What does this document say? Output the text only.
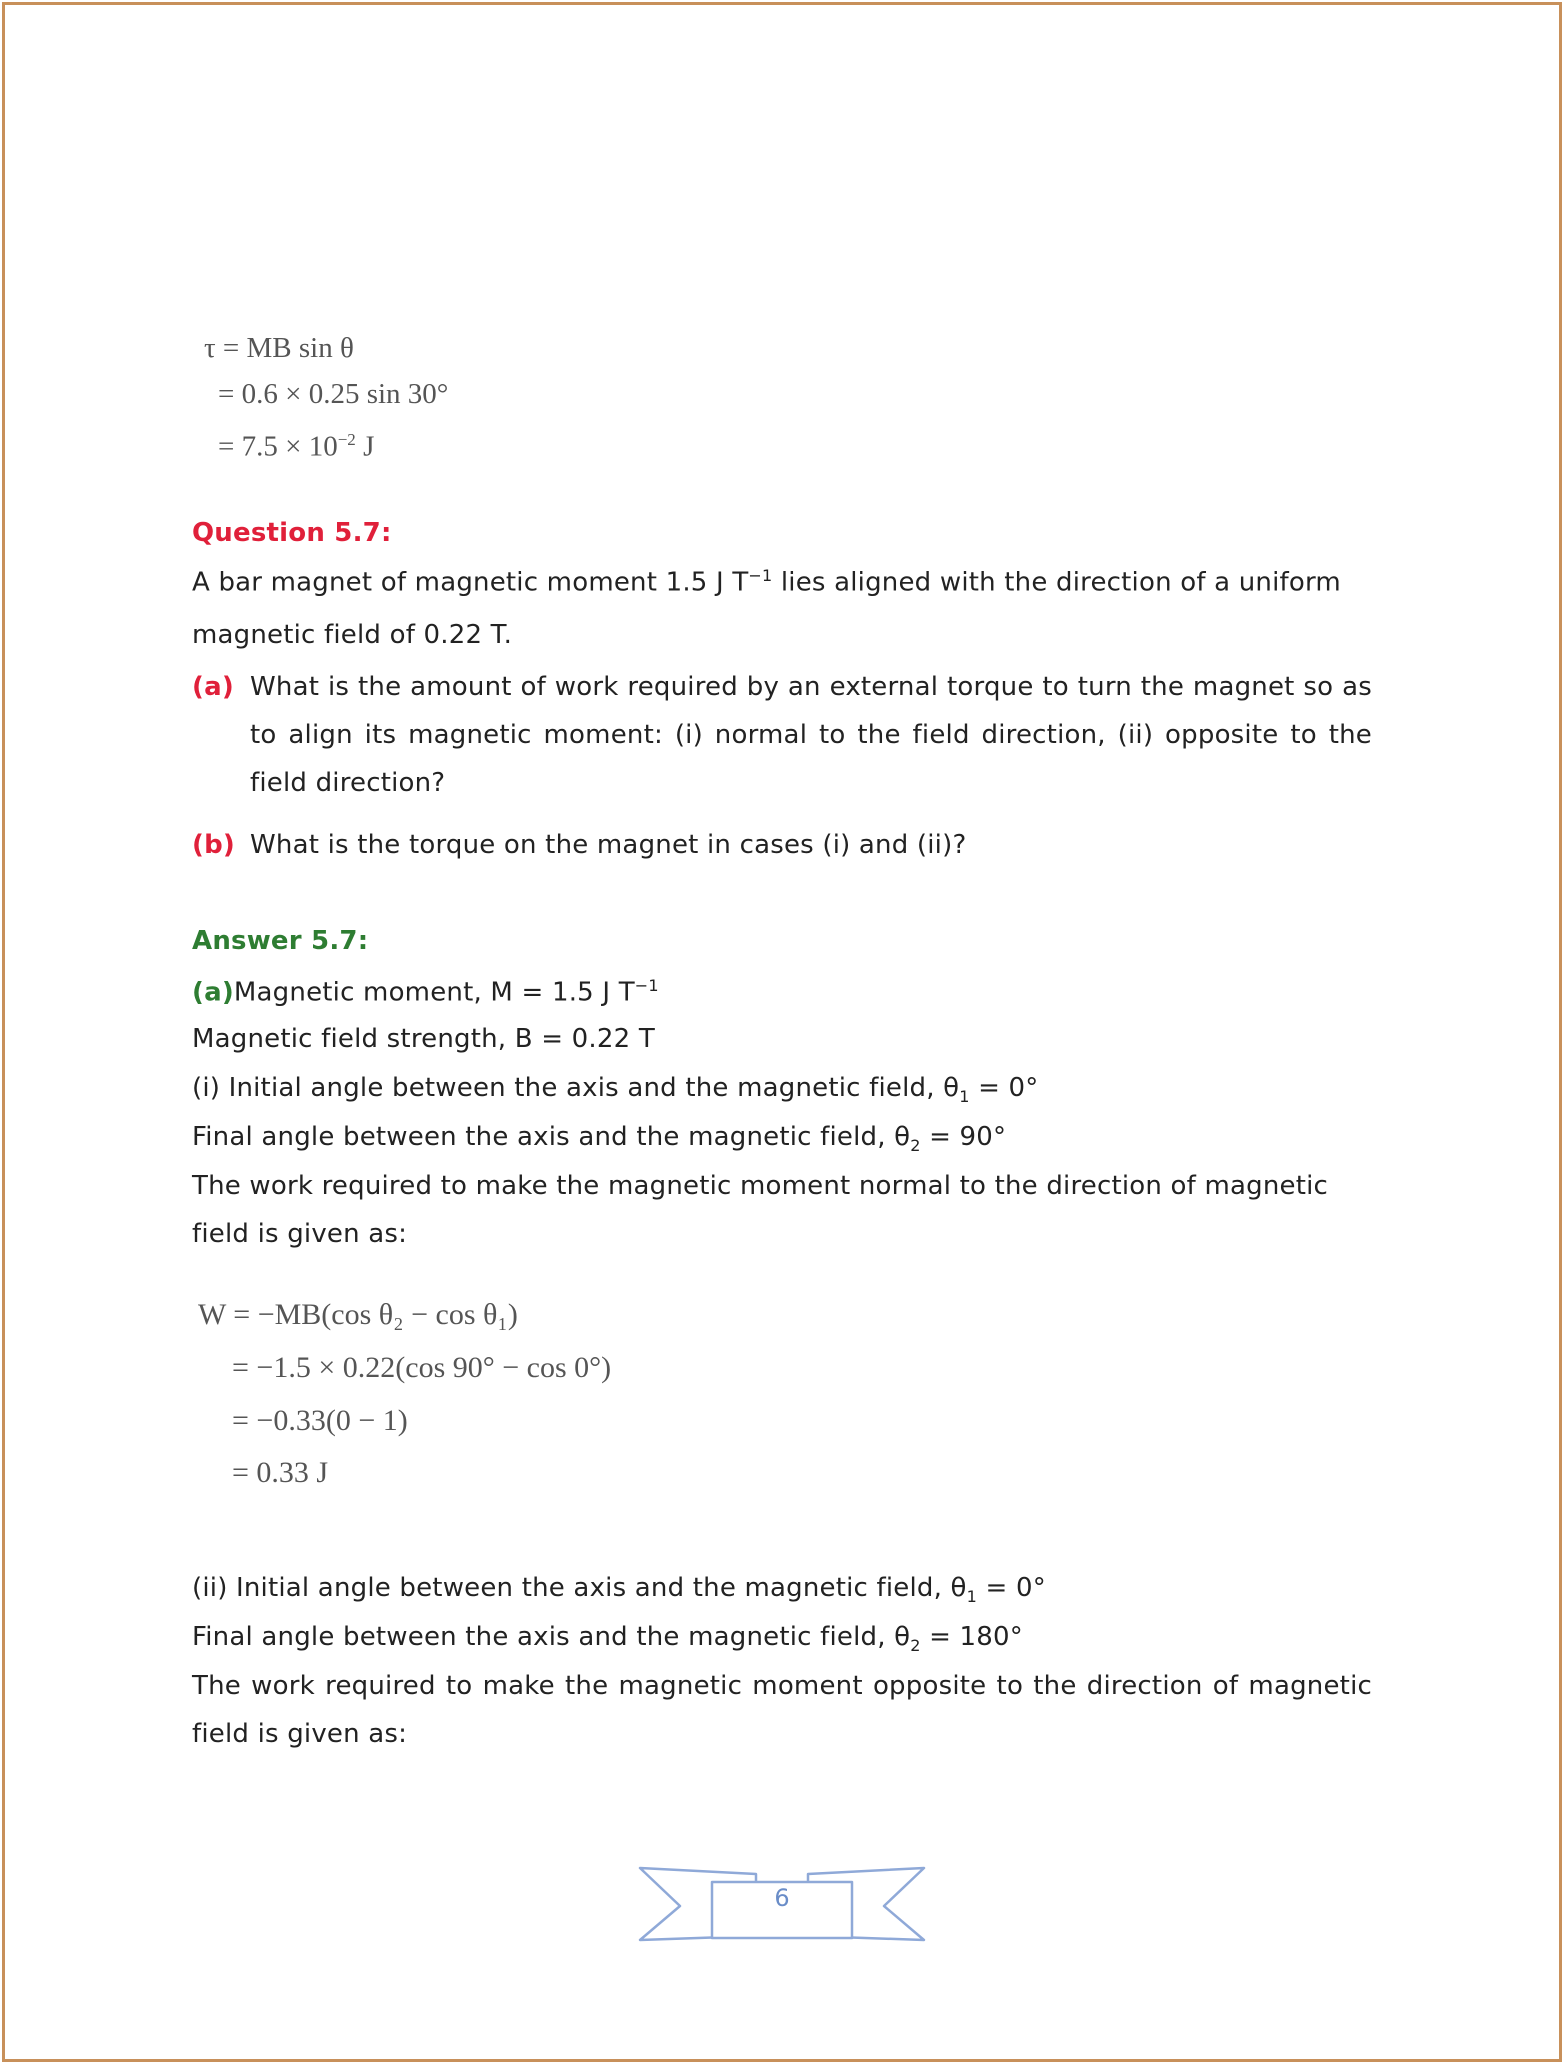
τ = MB sin θ
= 0.6 × 0.25 sin 30°
= $7.5 \times 10^{-2}$ J
Question 5.7:
A bar magnet of magnetic moment 1.5 J $T^{-1}$ lies aligned with the direction of a uniform
magnetic field of 0.22 T.
(a) What is the amount of work required by an external torque to turn the magnet so as
to align its magnetic moment: (i) normal to the field direction, (ii) opposite to the
field direction?
(b) What is the torque on the magnet in cases (i) and (ii)?
Answer 5.7:
(a)Magnetic moment, M = 1.5 J $T^{-1}$
Magnetic field strength, B = 0.22 T
(i) Initial angle between the axis and the magnetic field, $\theta_1 = 0^\circ$
Final angle between the axis and the magnetic field, $\theta_2 = 90^\circ$
The work required to make the magnetic moment normal to the direction of magnetic
field is given as:
W = −MB(cos θ₂ − cos θ₁)
= −1.5 × 0.22(cos 90° − cos 0°)
= −0.33(0 − 1)
= 0.33 J
(ii) Initial angle between the axis and the magnetic field, $\theta_1 = 0^\circ$
Final angle between the axis and the magnetic field, $\theta_2 = 180^\circ$
The work required to make the magnetic moment opposite to the direction of magnetic
field is given as:
6
